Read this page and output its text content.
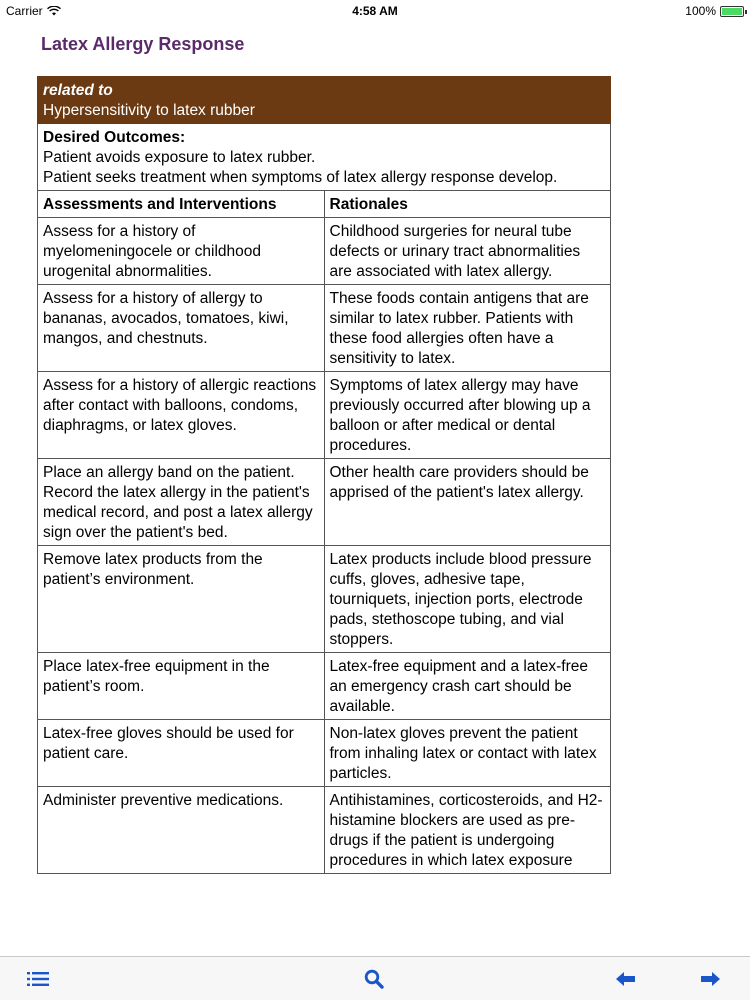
Carrier	4:58 AM	100%
Latex Allergy Response
related to
Hypersensitivity to latex rubber	

Desired Outcomes:
Patient avoids exposure to latex rubber.
Patient seeks treatment when symptoms of latex allergy response develop.	

Assessments and Interventions	Rationales
Assess for a history of myelomeningocele or childhood urogenital abnormalities.	Childhood surgeries for neural tube defects or urinary tract abnormalities are associated with latex allergy.
Assess for a history of allergy to bananas, avocados, tomatoes, kiwi, mangos, and chestnuts.	These foods contain antigens that are similar to latex rubber. Patients with these food allergies often have a sensitivity to latex.
Assess for a history of allergic reactions after contact with balloons, condoms, diaphragms, or latex gloves.	Symptoms of latex allergy may have previously occurred after blowing up a balloon or after medical or dental procedures.
Place an allergy band on the patient. Record the latex allergy in the patient's medical record, and post a latex allergy sign over the patient's bed.	Other health care providers should be apprised of the patient's latex allergy.
Remove latex products from the patient’s environment.	Latex products include blood pressure cuffs, gloves, adhesive tape, tourniquets, injection ports, electrode pads, stethoscope tubing, and vial stoppers.
Place latex-free equipment in the patient’s room.	Latex-free equipment and a latex-free an emergency crash cart should be available.
Latex-free gloves should be used for patient care.	Non-latex gloves prevent the patient from inhaling latex or contact with latex particles.
Administer preventive medications.	Antihistamines, corticosteroids, and H2-histamine blockers are used as pre-drugs if the patient is undergoing procedures in which latex exposure
